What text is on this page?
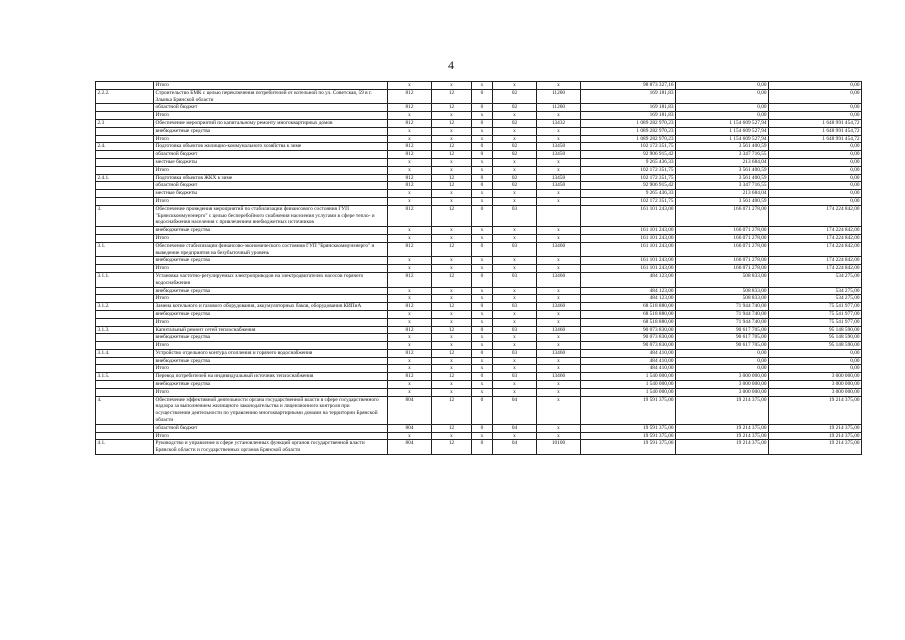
4
	Итого	х	х	х	х	х	98 873 327,16	0,00	0,00
2.2.2.	Строительство БМК с целью переключения потребителей от котельной по ул. Советская, 59 в г. Злынка Брянской области	812	12	0	02	11260	169 181,83	0,00	0,00
	областной бюджет	812	12	0	02	11260	169 181,83	0,00	0,00
	Итого	х	х	х	х	х	169 181,83	0,00	0,00
2.3	Обеспечение мероприятий по капитальному ремонту многоквартирных домов	812	12	0	02	13432	1 089 282 970,23	1 154 609 527,94	1 648 991 454,72
	внебюджетные средства	х	х	х	х	х	1 089 282 970,23	1 154 609 527,94	1 648 991 454,72
	Итого	х	х	х	х	х	1 089 282 970,23	1 154 609 527,94	1 648 991 454,72
2.4.	Подготовка объектов жилищно-коммунального хозяйства к зиме	812	12	0	02	13450	102 172 351,75	3 561 400,59	0,00
	областной бюджет	812	12	0	02	13450	92 906 915,42	3 347 716,55	0,00
	местные бюджеты	х	х	х	х	х	9 265 436,33	213 684,04	0,00
	Итого	х	х	х	х	х	102 172 351,75	3 561 400,59	0,00
2.4.1.	Подготовка объектов ЖКХ к зиме	812	12	0	02	13450	102 172 351,75	3 561 400,59	0,00
	областной бюджет	812	12	0	02	13450	92 906 915,42	3 347 716,55	0,00
	местные бюджеты	х	х	х	х	х	9 265 436,33	213 684,04	0,00
	Итого	х	х	х	х	х	102 172 351,75	3 561 400,59	0,00
3.	Обеспечение проведения мероприятий по стабилизации финансового состояния ГУП "Брянсккоммунэнерго" с целью бесперебойного снабжения населения услугами в сфере тепло- и водоснабжения населения с привлечением внебюджетных источников	812	12	0	03		161 101 243,00	166 071 278,00	174 224 842,00
	внебюджетные средства	х	х	х	х	х	161 101 243,00	166 071 278,00	174 224 842,00
	Итого	х	х	х	х	х	161 101 243,00	166 071 278,00	174 224 842,00
3.1.	Обеспечение стабилизации финансово-экономического состояния ГУП "Брянсккоммунэнерго" и выведение предприятия на безубыточный уровень	812	12	0	03	13460	161 101 243,00	166 071 278,00	174 224 842,00
	внебюджетные средства	х	х	х	х	х	161 101 243,00	166 071 278,00	174 224 842,00
	Итого	х	х	х	х	х	161 101 243,00	166 071 278,00	174 224 842,00
3.1.1.	Установка частотно-регулируемых электроприводов на электродвигателях насосов горячего водоснабжения	812	12	0	03	13460	484 123,00	508 833,00	534 275,00
	внебюджетные средства	х	х	х	х	х	484 123,00	508 833,00	534 275,00
	Итого	х	х	х	х	х	484 123,00	508 833,00	534 275,00
3.1.2.	Замена котельного и газового оборудования, аккумуляторных баков, оборудования КИПиА	812	12	0	03	13460	68 518 880,00	71 944 740,00	75 541 977,00
	внебюджетные средства	х	х	х	х	х	68 518 880,00	71 944 740,00	75 541 977,00
	Итого	х	х	х	х	х	68 518 880,00	71 944 740,00	75 541 977,00
3.1.3.	Капитальный ремонт сетей теплоснабжения	812	12	0	03	13460	90 073 830,00	90 617 705,00	95 148 590,00
	внебюджетные средства	х	х	х	х	х	90 073 830,00	90 617 705,00	95 148 590,00
	Итого	х	х	х	х	х	90 073 830,00	90 617 705,00	95 148 590,00
3.1.4.	Устройство отдельного контура отопления и горячего водоснабжения	812	12	0	03	13460	484 410,00	0,00	0,00
	внебюджетные средства	х	х	х	х	х	484 410,00	0,00	0,00
	Итого	х	х	х	х	х	484 410,00	0,00	0,00
3.1.5.	Перевод потребителей на индивидуальный источник теплоснабжения	812	12	0	03	13460	1 540 000,00	3 000 000,00	3 000 000,00
	внебюджетные средства	х	х	х	х	х	1 540 000,00	3 000 000,00	3 000 000,00
	Итого	х	х	х	х	х	1 540 000,00	3 000 000,00	3 000 000,00
4.	Обеспечение эффективной деятельности органа государственной власти в сфере государственного надзора за выполнением жилищного законодательства и лицензионного контроля при осуществлении деятельности по управлению многоквартирными домами на территории Брянской области	804	12	0	04	х	19 591 375,00	19 214 375,00	19 214 375,00
	областной бюджет	804	12	0	04	х	19 591 375,00	19 214 375,00	19 214 375,00
	Итого	х	х	х	х	х	19 591 375,00	19 214 375,00	19 214 375,00
4.1.	Руководство и управление в сфере установленных функций органов государственной власти Брянской области и государственных органов Брянской области	804	12	0	04	10100	19 591 375,00	19 214 375,00	19 214 375,00
